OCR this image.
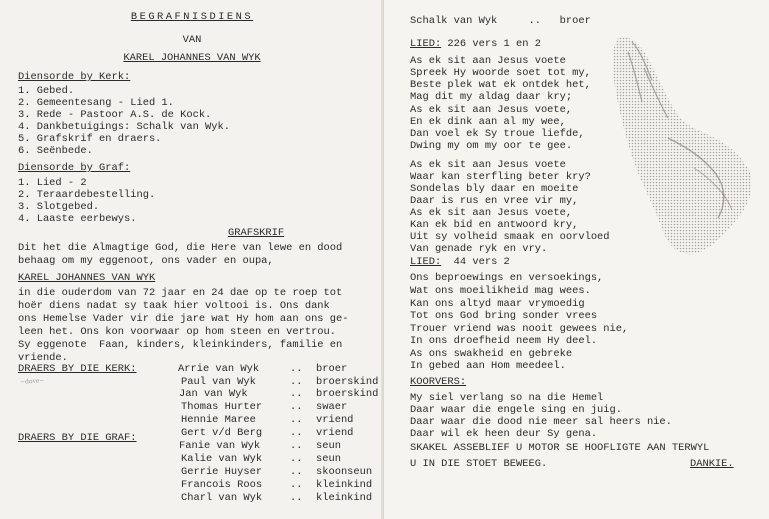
BEGRAFNISDIENS
VAN
KAREL JOHANNES VAN WYK
Diensorde by Kerk:
1. Gebed.
2. Gemeentesang - Lied 1.
3. Rede - Pastoor A.S. de Kock.
4. Dankbetuigings: Schalk van Wyk.
5. Grafskrif en draers.
6. Seënbede.
Diensorde by Graf:
1. Lied - 2
2. Teraardebestelling.
3. Slotgebed.
4. Laaste eerbewys.
GRAFSKRIF
Dit het die Almagtige God, die Here van lewe en dood
behaag om my eggenoot, ons vader en oupa,
KAREL JOHANNES VAN WYK
in die ouderdom van 72 jaar en 24 dae op te roep tot
hoër diens nadat sy taak hier voltooi is. Ons dank
ons Hemelse Vader vir die jare wat Hy hom aan ons ge-
leen het. Ons kon voorwaar op hom steen en vertrou.
Sy eggenote  Faan, kinders, kleinkinders, familie en
vriende.
DRAERS BY DIE KERK:
~dove~
DRAERS BY DIE GRAF:
Arrie van Wyk	.. broer
Paul van Wyk	.. broerskind
Jan van Wyk	.. broerskind
Thomas Hurter	.. swaer
Hennie Maree	.. vriend
Gert v/d Berg	.. vriend
Fanie van Wyk	.. seun
Kalie van Wyk	.. seun
Gerrie Huyser	.. skoonseun
Francois Roos	.. kleinkind
Charl van Wyk	.. kleinkind
Schalk van Wyk     ..   broer
LIED: 226 vers 1 en 2
As ek sit aan Jesus voete
Spreek Hy woorde soet tot my,
Beste plek wat ek ontdek het,
Mag dit my aldag daar kry;
As ek sit aan Jesus voete,
En ek dink aan al my wee,
Dan voel ek Sy troue liefde,
Dwing my om my oor te gee.
As ek sit aan Jesus voete
Waar kan sterfling beter kry?
Sondelas bly daar en moeite
Daar is rus en vree vir my,
As ek sit aan Jesus voete,
Kan ek bid en antwoord kry,
Uit sy volheid smaak en oorvloed
Van genade ryk en vry.
LIED:  44 vers 2
Ons beproewings en versoekings,
Wat ons moeilikheid mag wees.
Kan ons altyd maar vrymoedig
Tot ons God bring sonder vrees
Trouer vriend was nooit gewees nie,
In ons droefheid neem Hy deel.
As ons swakheid en gebreke
In gebed aan Hom meedeel.
KOORVERS:
My siel verlang so na die Hemel
Daar waar die engele sing en juig.
Daar waar die dood nie meer sal heers nie.
Daar wil ek heen deur Sy gena.
SKAKEL ASSEBLIEF U MOTOR SE HOOFLIGTE AAN TERWYL
U IN DIE STOET BEWEEG.	DANKIE.
